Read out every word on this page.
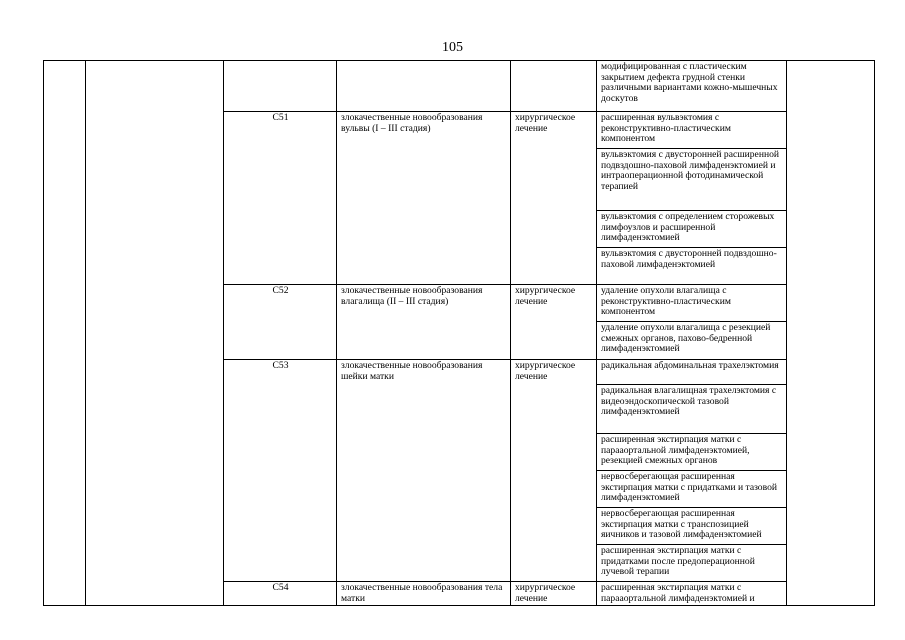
105
					модифицированная с пластическим закрытием дефекта грудной стенки различными вариантами кожно-мышечных доскутов	
		C51	злокачественные новообразования вульвы (I – III стадия)	хирургическое лечение	расширенная вульвэктомия с реконструктивно-пластическим компонентом	
					вульвэктомия с двусторонней расширенной подвздошно-паховой лимфаденэктомией и интраоперационной фотодинамической терапией	
					вульвэктомия с определением сторожевых лимфоузлов и расширенной лимфаденэктомией	
					вульвэктомия с двусторонней подвздошно-паховой лимфаденэктомией	
		C52	злокачественные новообразования влагалища (II – III стадия)	хирургическое лечение	удаление опухоли влагалища с реконструктивно-пластическим компонентом	
					удаление опухоли влагалища с резекцией смежных органов, пахово-бедренной лимфаденэктомией	
		C53	злокачественные новообразования шейки матки	хирургическое лечение	радикальная абдоминальная трахелэктомия	
					радикальная влагалищная трахелэктомия с видеоэндоскопической тазовой лимфаденэктомией	
					расширенная экстирпация матки с парааортальной лимфаденэктомией, резекцией смежных органов	
					нервосберегающая расширенная экстирпация матки с придатками и тазовой лимфаденэктомией	
					нервосберегающая расширенная экстирпация матки с транспозицией яичников и тазовой лимфаденэктомией	
					расширенная экстирпация матки с придатками после предоперационной лучевой терапии	
		C54	злокачественные новообразования тела матки	хирургическое лечение	расширенная экстирпация матки с парааортальной лимфаденэктомией и	
